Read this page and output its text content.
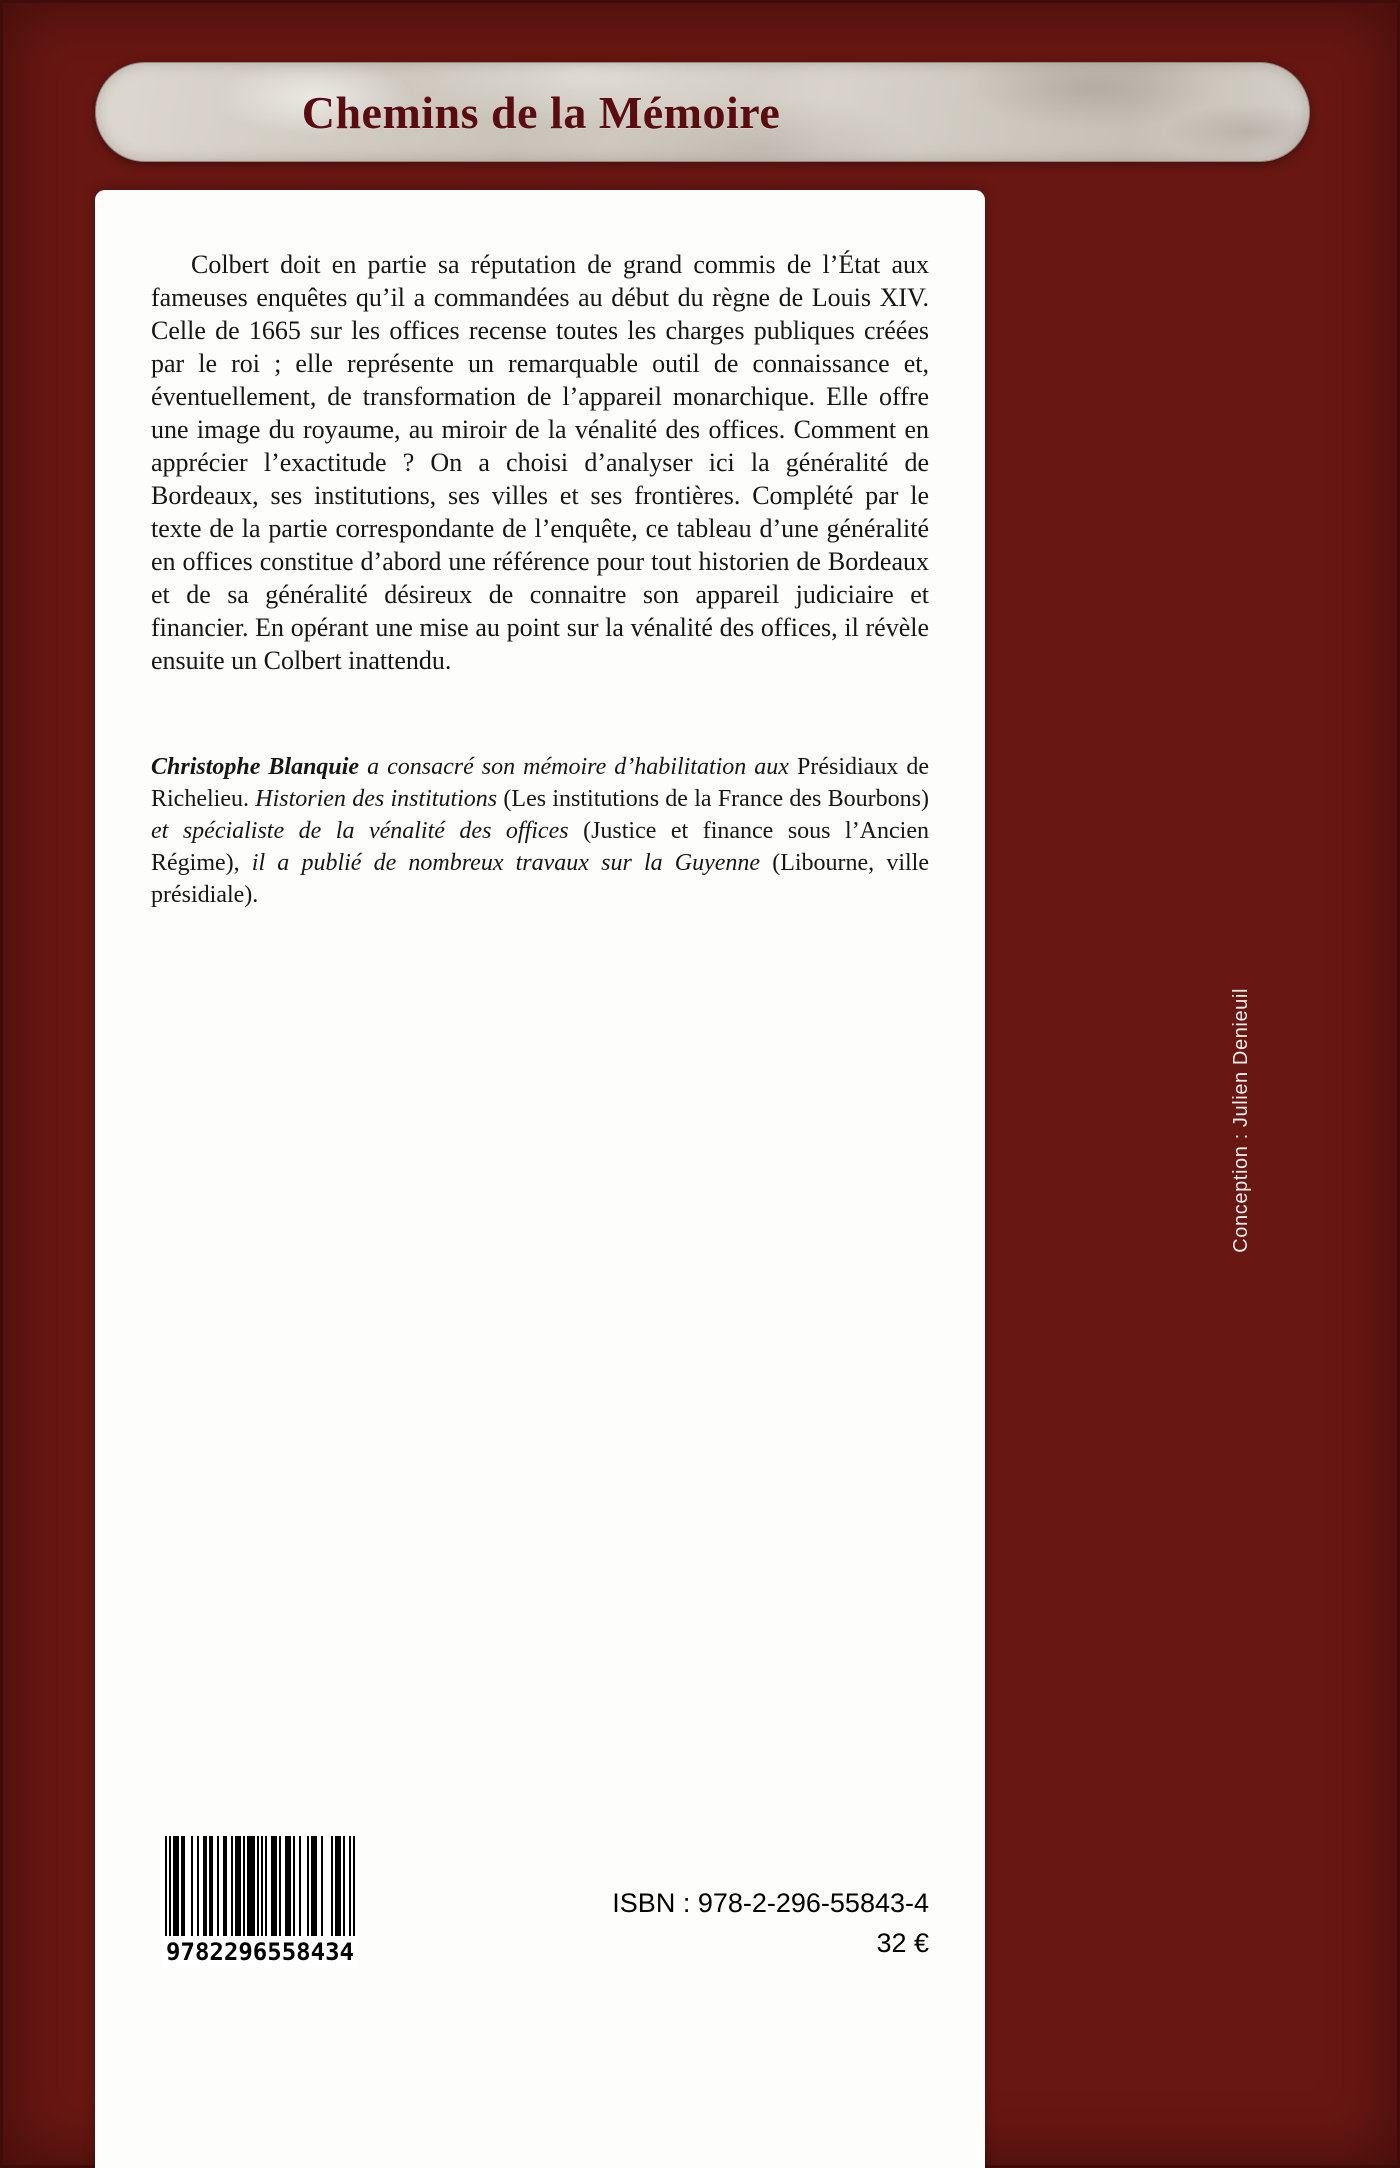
Chemins de la Mémoire

Colbert doit en partie sa réputation de grand commis de l’État aux fameuses enquêtes qu’il a commandées au début du règne de Louis XIV. Celle de 1665 sur les offices recense toutes les charges publiques créées par le roi ; elle représente un remarquable outil de connaissance et, éventuellement, de transformation de l’appareil monarchique. Elle offre une image du royaume, au miroir de la vénalité des offices. Comment en apprécier l’exactitude ? On a choisi d’analyser ici la généralité de Bordeaux, ses institutions, ses villes et ses frontières. Complété par le texte de la partie correspondante de l’enquête, ce tableau d’une généralité en offices constitue d’abord une référence pour tout historien de Bordeaux et de sa généralité désireux de connaitre son appareil judiciaire et financier. En opérant une mise au point sur la vénalité des offices, il révèle ensuite un Colbert inattendu.

Christophe Blanquie a consacré son mémoire d’habilitation aux Présidiaux de Richelieu. Historien des institutions (Les institutions de la France des Bourbons) et spécialiste de la vénalité des offices (Justice et finance sous l’Ancien Régime), il a publié de nombreux travaux sur la Guyenne (Libourne, ville présidiale).

9 782296 558434
ISBN : 978-2-296-55843-4
32 €
Conception : Julien Denieuil
